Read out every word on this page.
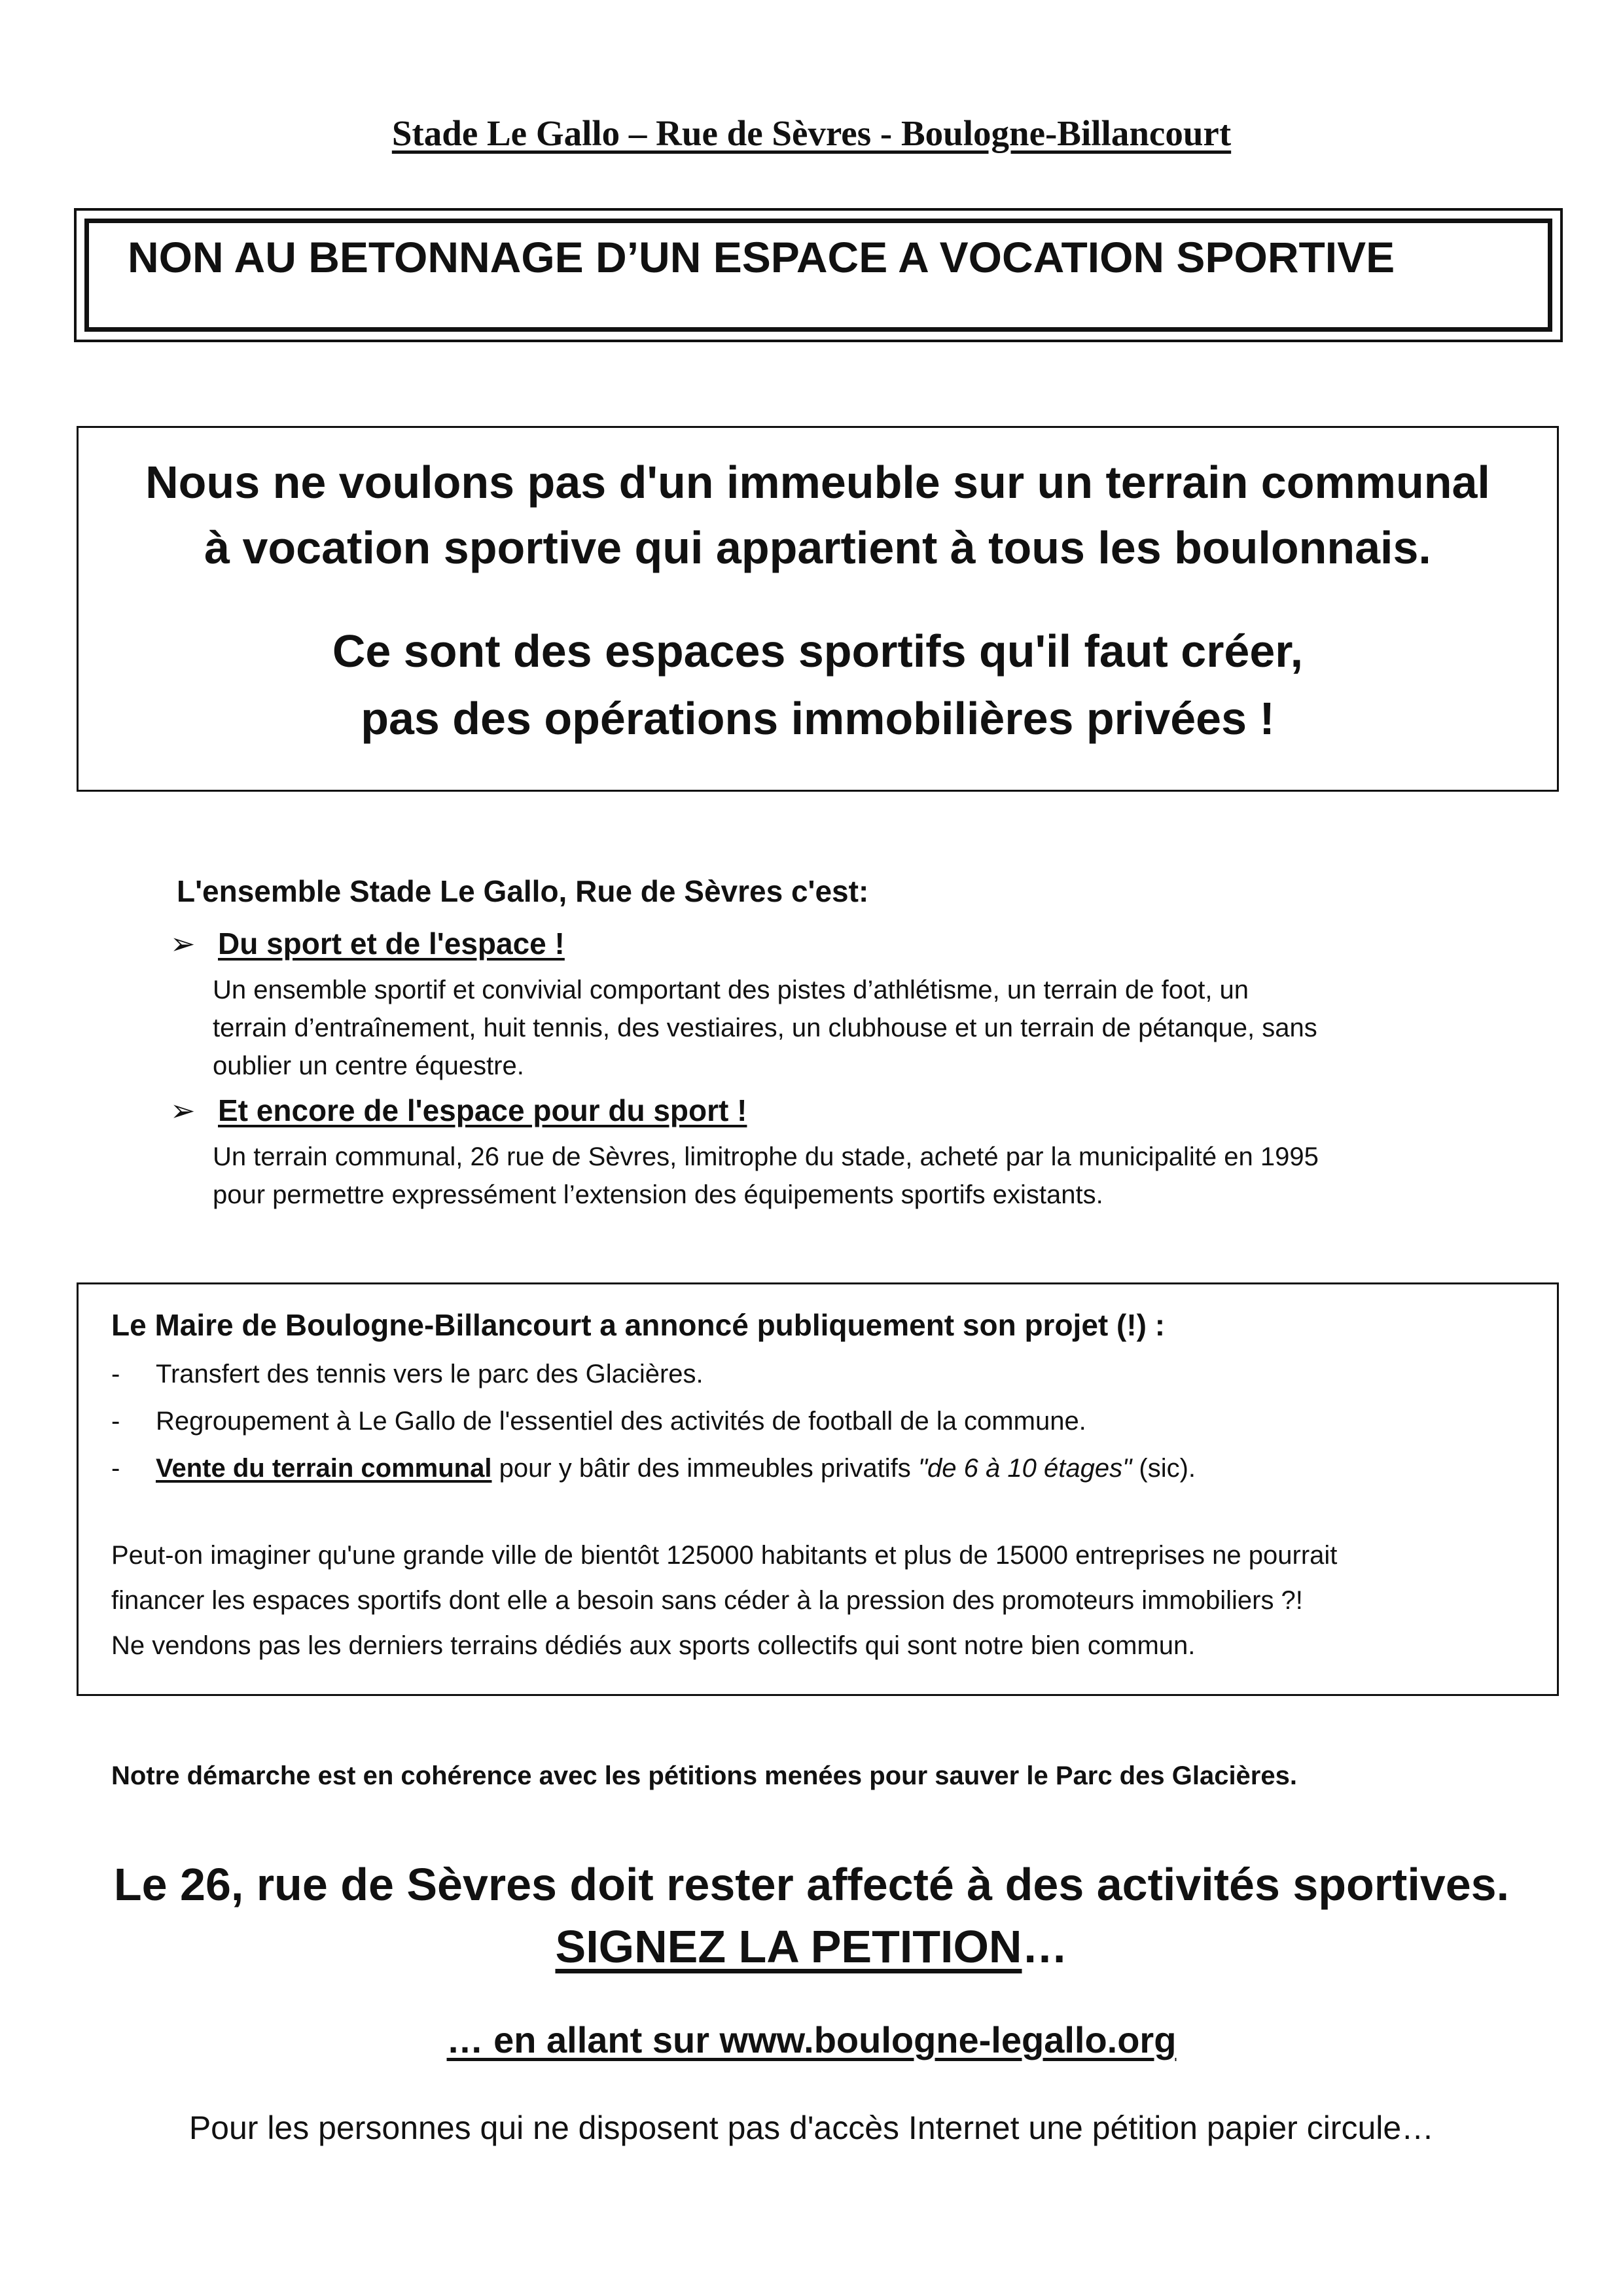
Stade Le Gallo – Rue de Sèvres - Boulogne-Billancourt
NON AU BETONNAGE D’UN ESPACE A VOCATION SPORTIVE
Nous ne voulons pas d'un immeuble sur un terrain communal
à vocation sportive qui appartient à tous les boulonnais.
Ce sont des espaces sportifs qu'il faut créer,
pas des opérations immobilières privées !
L'ensemble Stade Le Gallo, Rue de Sèvres c'est:
➢ Du sport et de l'espace !
Un ensemble sportif et convivial comportant des pistes d’athlétisme, un terrain de foot, un
terrain d’entraînement, huit tennis, des vestiaires, un clubhouse et un terrain de pétanque, sans
oublier un centre équestre.
➢ Et encore de l'espace pour du sport !
Un terrain communal, 26 rue de Sèvres, limitrophe du stade, acheté par la municipalité en 1995
pour permettre expressément l’extension des équipements sportifs existants.
Le Maire de Boulogne-Billancourt a annoncé publiquement son projet (!) :
- Transfert des tennis vers le parc des Glacières.
- Regroupement à Le Gallo de l'essentiel des activités de football de la commune.
- Vente du terrain communal pour y bâtir des immeubles privatifs "de 6 à 10 étages" (sic).
Peut-on imaginer qu'une grande ville de bientôt 125000 habitants et plus de 15000 entreprises ne pourrait
financer les espaces sportifs dont elle a besoin sans céder à la pression des promoteurs immobiliers ?!
Ne vendons pas les derniers terrains dédiés aux sports collectifs qui sont notre bien commun.
Notre démarche est en cohérence avec les pétitions menées pour sauver le Parc des Glacières.
Le 26, rue de Sèvres doit rester affecté à des activités sportives.
SIGNEZ LA PETITION…
… en allant sur www.boulogne-legallo.org
Pour les personnes qui ne disposent pas d'accès Internet une pétition papier circule…
